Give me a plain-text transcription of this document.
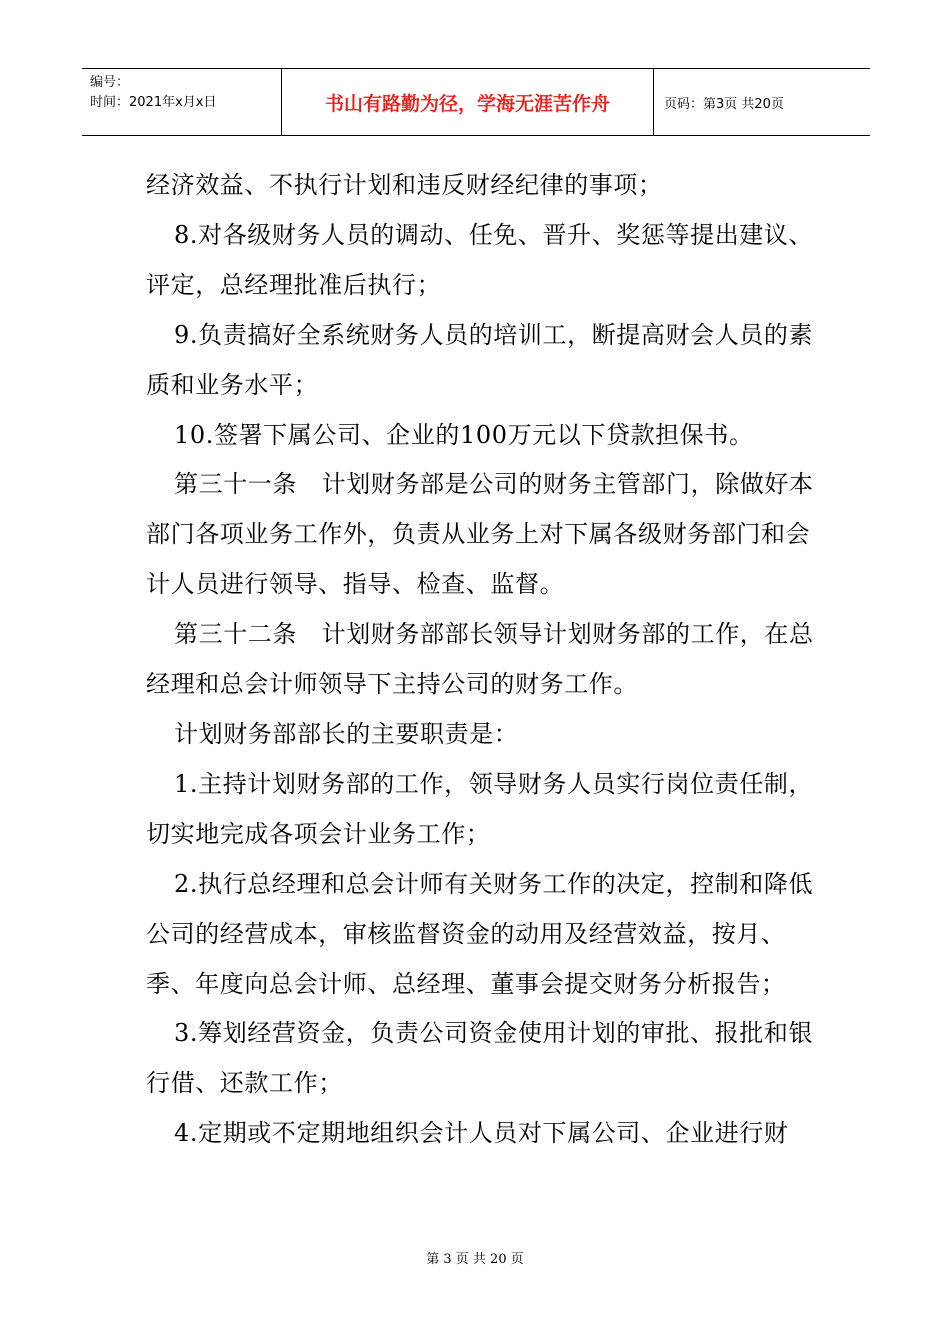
编号：
时间：2021年x月x日	书山有路勤为径，学海无涯苦作舟	页码：第3页 共20页

经济效益、不执行计划和违反财经纪律的事项；

8.对各级财务人员的调动、任免、晋升、奖惩等提出建议、评定，总经理批准后执行；

9.负责搞好全系统财务人员的培训工，断提高财会人员的素质和业务水平；

10.签署下属公司、企业的100万元以下贷款担保书。

第三十一条　计划财务部是公司的财务主管部门，除做好本部门各项业务工作外，负责从业务上对下属各级财务部门和会计人员进行领导、指导、检查、监督。

第三十二条　计划财务部部长领导计划财务部的工作，在总经理和总会计师领导下主持公司的财务工作。

计划财务部部长的主要职责是：

1.主持计划财务部的工作，领导财务人员实行岗位责任制，切实地完成各项会计业务工作；

2.执行总经理和总会计师有关财务工作的决定，控制和降低公司的经营成本，审核监督资金的动用及经营效益，按月、季、年度向总会计师、总经理、董事会提交财务分析报告；

3.筹划经营资金，负责公司资金使用计划的审批、报批和银行借、还款工作；

4.定期或不定期地组织会计人员对下属公司、企业进行财

第 3 页 共 20 页
